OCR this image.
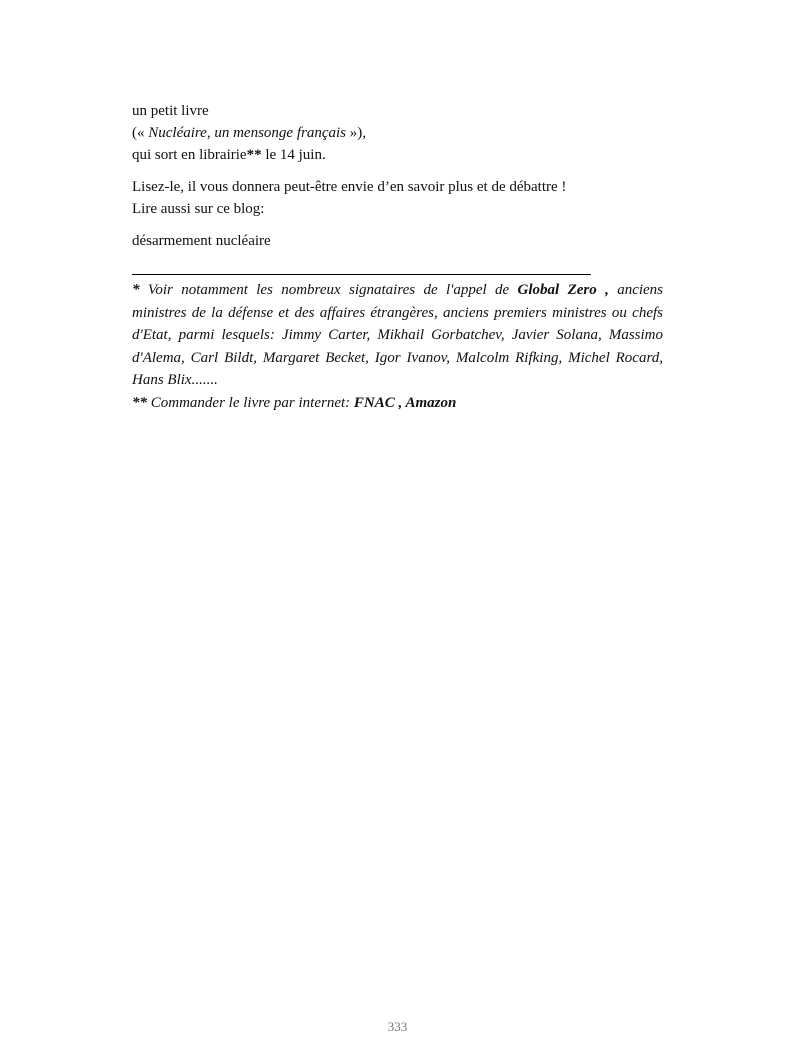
un petit livre
(« Nucléaire, un mensonge français »),
qui sort en librairie** le 14 juin.
Lisez-le, il vous donnera peut-être envie d’en savoir plus et de débattre !
Lire aussi sur ce blog:
désarmement nucléaire

* Voir notamment les nombreux signataires de l'appel de Global Zero , anciens ministres de la défense et des affaires étrangères, anciens premiers ministres ou chefs d'Etat, parmi lesquels: Jimmy Carter, Mikhail Gorbatchev, Javier Solana, Massimo d'Alema, Carl Bildt, Margaret Becket, Igor Ivanov, Malcolm Rifking, Michel Rocard, Hans Blix.......

** Commander le livre par internet: FNAC , Amazon

333
